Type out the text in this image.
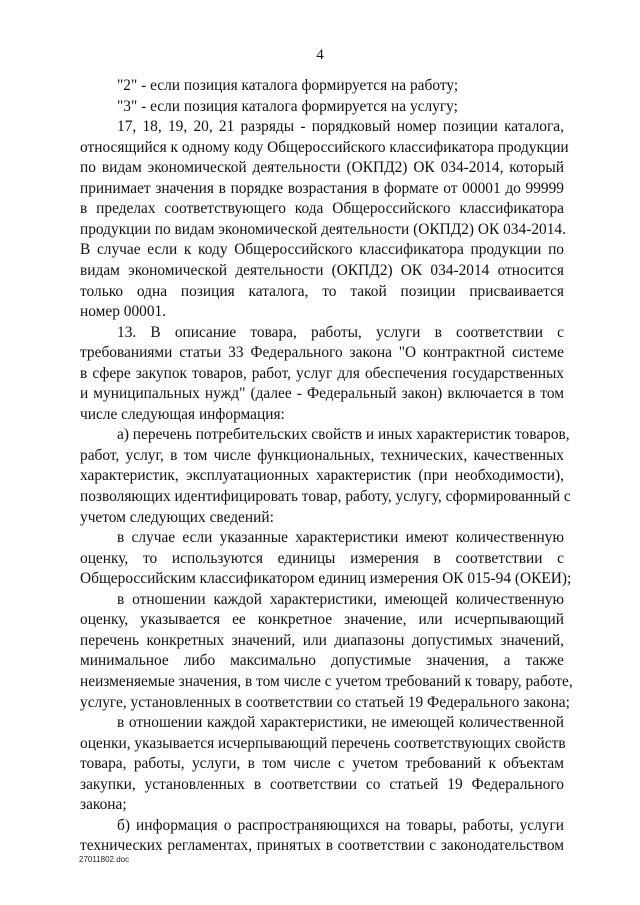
4
"2" - если позиция каталога формируется на работу;
"3" - если позиция каталога формируется на услугу;
17, 18, 19, 20, 21 разряды - порядковый номер позиции каталога,
относящийся к одному коду Общероссийского классификатора продукции
по видам экономической деятельности (ОКПД2) ОК 034-2014, который
принимает значения в порядке возрастания в формате от 00001 до 99999
в пределах соответствующего кода Общероссийского классификатора
продукции по видам экономической деятельности (ОКПД2) ОК 034-2014.
В случае если к коду Общероссийского классификатора продукции по
видам экономической деятельности (ОКПД2) ОК 034-2014 относится
только одна позиция каталога, то такой позиции присваивается
номер 00001.
13. В описание товара, работы, услуги в соответствии с
требованиями статьи 33 Федерального закона "О контрактной системе
в сфере закупок товаров, работ, услуг для обеспечения государственных
и муниципальных нужд" (далее - Федеральный закон) включается в том
числе следующая информация:
а) перечень потребительских свойств и иных характеристик товаров,
работ, услуг, в том числе функциональных, технических, качественных
характеристик, эксплуатационных характеристик (при необходимости),
позволяющих идентифицировать товар, работу, услугу, сформированный с
учетом следующих сведений:
в случае если указанные характеристики имеют количественную
оценку, то используются единицы измерения в соответствии с
Общероссийским классификатором единиц измерения ОК 015-94 (ОКЕИ);
в отношении каждой характеристики, имеющей количественную
оценку, указывается ее конкретное значение, или исчерпывающий
перечень конкретных значений, или диапазоны допустимых значений,
минимальное либо максимально допустимые значения, а также
неизменяемые значения, в том числе с учетом требований к товару, работе,
услуге, установленных в соответствии со статьей 19 Федерального закона;
в отношении каждой характеристики, не имеющей количественной
оценки, указывается исчерпывающий перечень соответствующих свойств
товара, работы, услуги, в том числе с учетом требований к объектам
закупки, установленных в соответствии со статьей 19 Федерального
закона;
б) информация о распространяющихся на товары, работы, услуги
технических регламентах, принятых в соответствии с законодательством
27011802.doc
